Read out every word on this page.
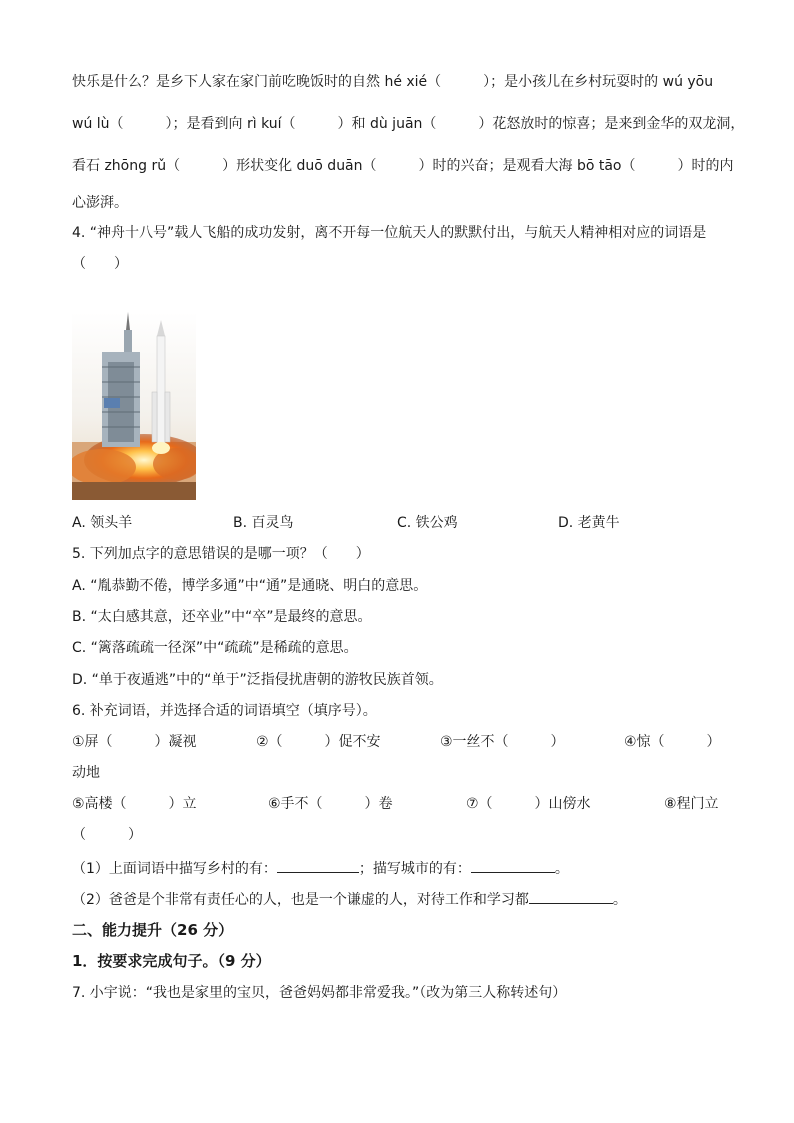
快乐是什么？是乡下人家在家门前吃晚饭时的自然 hé xié（　　　）；是小孩儿在乡村玩耍时的 wú yōu
wú lù（　　　）；是看到向 rì kuí（　　　）和 dù juān（　　　）花怒放时的惊喜；是来到金华的双龙洞，
看石 zhōng rǔ（　　　）形状变化 duō duān（　　　）时的兴奋；是观看大海 bō tāo（　　　）时的内
心澎湃。
4. “神舟十八号”载人飞船的成功发射，离不开每一位航天人的默默付出，与航天人精神相对应的词语是
（　　）
A. 领头羊	B. 百灵鸟	C. 铁公鸡	D. 老黄牛
5. 下列加点字的意思错误的是哪一项？（　　）
A. “胤恭勤不倦，博学多通”中“通”是通晓、明白的意思。
B. “太白感其意，还卒业”中“卒”是最终的意思。
C. “篱落疏疏一径深”中“疏疏”是稀疏的意思。
D. “单于夜遁逃”中的“单于”泛指侵扰唐朝的游牧民族首领。
6. 补充词语，并选择合适的词语填空（填序号）。
①屏（　　　）凝视	②（　　　）促不安	③一丝不（　　　）	④惊（　　　）
动地
⑤高楼（　　　）立	⑥手不（　　　）卷	⑦（　　　）山傍水	⑧程门立
（　　　）
（1）上面词语中描写乡村的有：	；描写城市的有：	。
（2）爸爸是个非常有责任心的人，也是一个谦虚的人，对待工作和学习都	。
二、能力提升（26 分）
1．按要求完成句子。（9 分）
7. 小宇说：“我也是家里的宝贝，爸爸妈妈都非常爱我。”（改为第三人称转述句）
